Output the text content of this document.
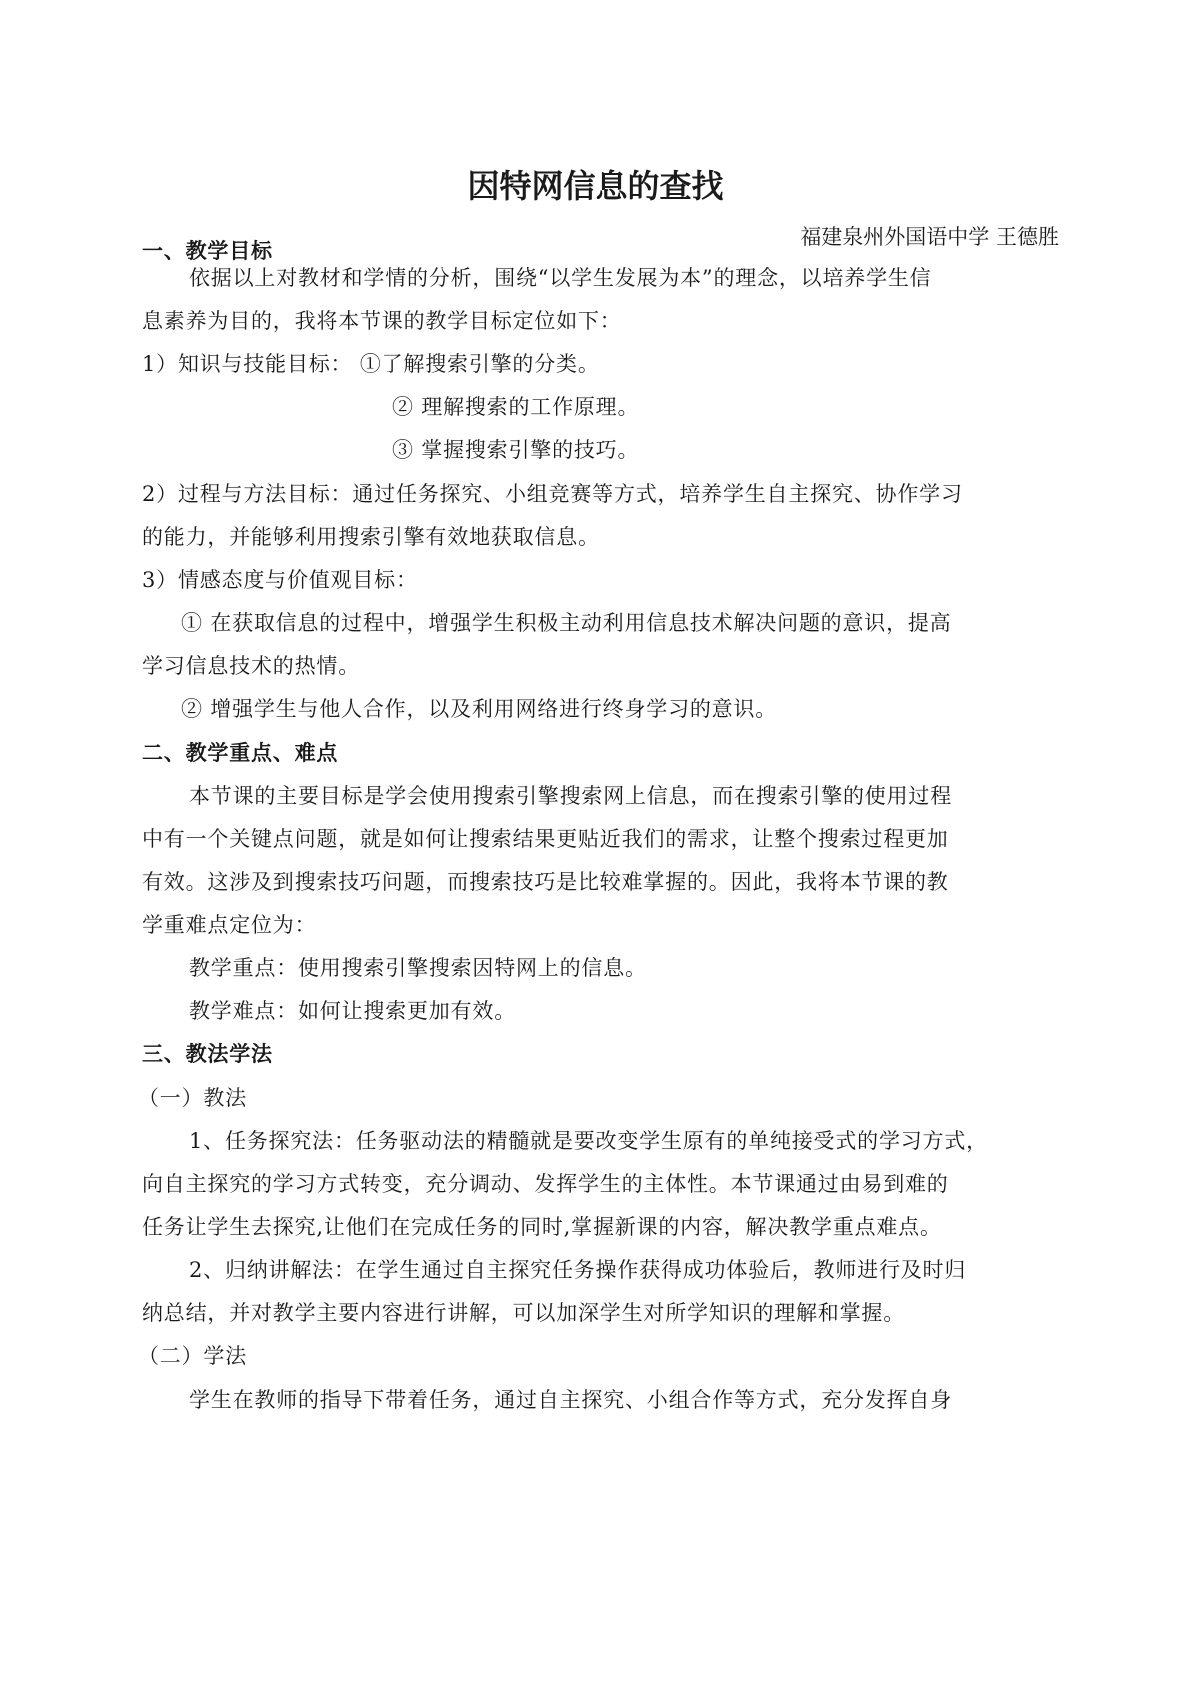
因特网信息的查找

福建泉州外国语中学 王德胜

一、教学目标

依据以上对教材和学情的分析，围绕“以学生发展为本”的理念，以培养学生信

息素养为目的，我将本节课的教学目标定位如下：

1）知识与技能目标： ①了解搜索引擎的分类。

② 理解搜索的工作原理。

③ 掌握搜索引擎的技巧。

2）过程与方法目标：通过任务探究、小组竞赛等方式，培养学生自主探究、协作学习

的能力，并能够利用搜索引擎有效地获取信息。

3）情感态度与价值观目标：

① 在获取信息的过程中，增强学生积极主动利用信息技术解决问题的意识，提高

学习信息技术的热情。

② 增强学生与他人合作，以及利用网络进行终身学习的意识。

二、教学重点、难点

本节课的主要目标是学会使用搜索引擎搜索网上信息，而在搜索引擎的使用过程

中有一个关键点问题，就是如何让搜索结果更贴近我们的需求，让整个搜索过程更加

有效。这涉及到搜索技巧问题，而搜索技巧是比较难掌握的。因此，我将本节课的教

学重难点定位为：

教学重点：使用搜索引擎搜索因特网上的信息。

教学难点：如何让搜索更加有效。

三、教法学法

（一）教法

1、任务探究法：任务驱动法的精髓就是要改变学生原有的单纯接受式的学习方式，

向自主探究的学习方式转变，充分调动、发挥学生的主体性。本节课通过由易到难的

任务让学生去探究,让他们在完成任务的同时,掌握新课的内容，解决教学重点难点。

2、归纳讲解法：在学生通过自主探究任务操作获得成功体验后，教师进行及时归

纳总结，并对教学主要内容进行讲解，可以加深学生对所学知识的理解和掌握。

（二）学法

学生在教师的指导下带着任务，通过自主探究、小组合作等方式，充分发挥自身
